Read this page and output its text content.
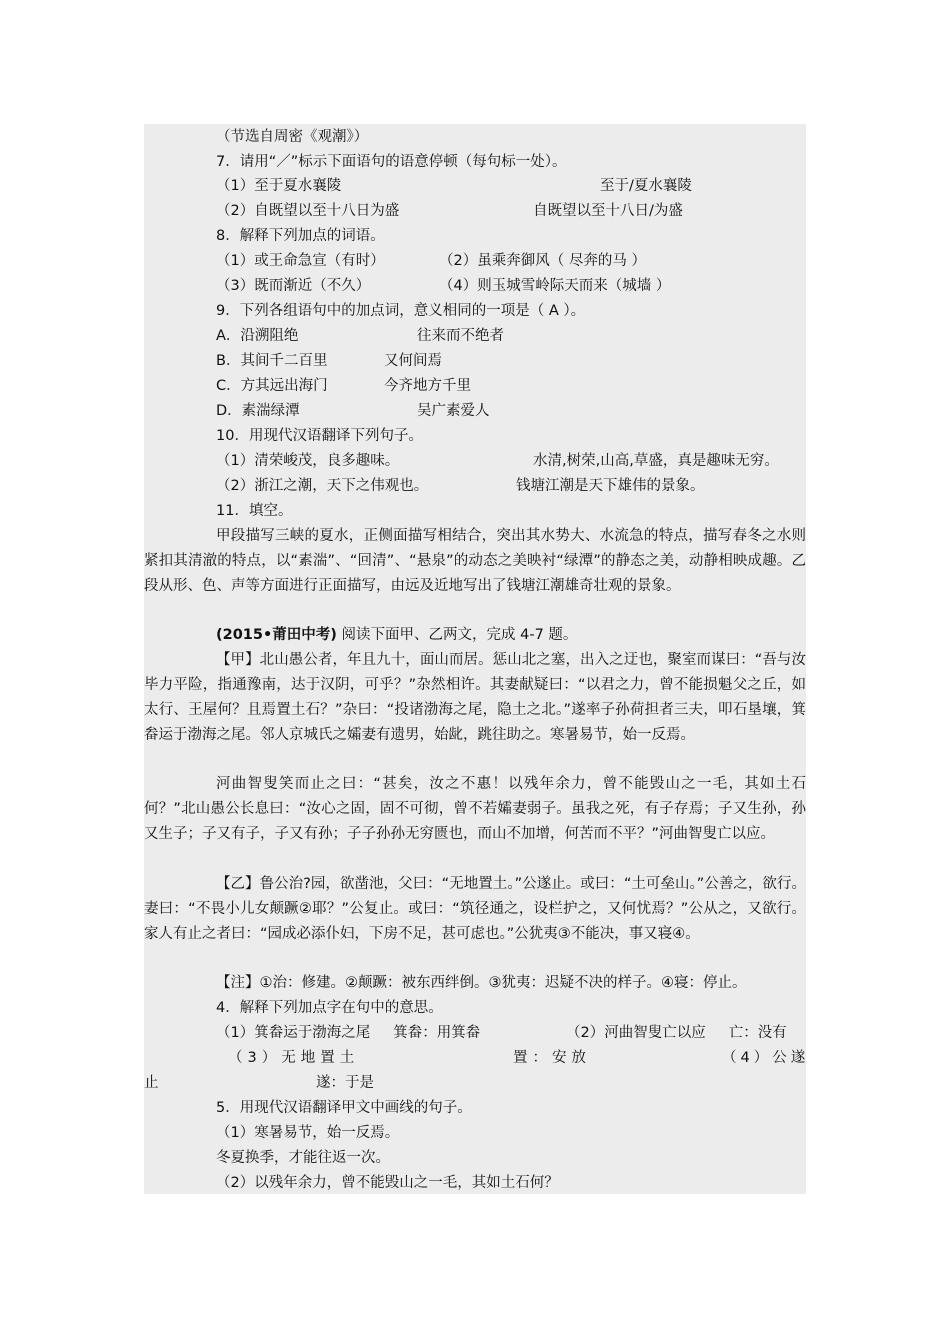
（节选自周密《观潮》）
7．请用“／”标示下面语句的语意停顿（每句标一处）。
（1）至于夏水襄陵	至于/夏水襄陵
（2）自既望以至十八日为盛	自既望以至十八日/为盛
8．解释下列加点的词语。
（1）或王命急宣（有时）	（2）虽乘奔御风（ 尽奔的马 ）
（3）既而渐近（不久）	（4）则玉城雪岭际天而来（城墙 ）
9．下列各组语句中的加点词，意义相同的一项是（ A ）。
A．沿溯阻绝	往来而不绝者
B．其间千二百里	又何间焉
C．方其远出海门	今齐地方千里
D．素湍绿潭	吴广素爱人
10．用现代汉语翻译下列句子。
（1）清荣峻茂，良多趣味。	水清,树荣,山高,草盛，真是趣味无穷。
（2）浙江之潮，天下之伟观也。	钱塘江潮是天下雄伟的景象。
11．填空。
甲段描写三峡的夏水，正侧面描写相结合，突出其水势大、水流急的特点，描写春冬之水则紧扣其清澈的特点，以“素湍”、“回清”、“悬泉”的动态之美映衬“绿潭”的静态之美，动静相映成趣。乙段从形、色、声等方面进行正面描写，由远及近地写出了钱塘江潮雄奇壮观的景象。
(2015•莆田中考) 阅读下面甲、乙两文，完成 4-7 题。
【甲】北山愚公者，年且九十，面山而居。惩山北之塞，出入之迂也，聚室而谋曰：“吾与汝毕力平险，指通豫南，达于汉阴，可乎？”杂然相许。其妻献疑曰：“以君之力，曾不能损魁父之丘，如太行、王屋何？且焉置土石？”杂曰：“投诸渤海之尾，隐土之北。”遂率子孙荷担者三夫，叩石垦壤，箕畚运于渤海之尾。邻人京城氏之孀妻有遗男，始龀，跳往助之。寒暑易节，始一反焉。
河曲智叟笑而止之曰：“甚矣，汝之不惠！以残年余力，曾不能毁山之一毛，其如土石何？”北山愚公长息曰：“汝心之固，固不可彻，曾不若孀妻弱子。虽我之死，有子存焉；子又生孙，孙又生子；子又有子，子又有孙；子子孙孙无穷匮也，而山不加增，何苦而不平？”河曲智叟亡以应。
【乙】鲁公治?园，欲凿池，父曰：“无地置土。”公遂止。或曰：“土可垒山。”公善之，欲行。妻曰：“不畏小儿女颠蹶②耶？”公复止。或曰：“筑径通之，设栏护之，又何忧焉？”公从之，又欲行。家人有止之者曰：“园成必添仆妇，下房不足，甚可虑也。”公犹夷③不能决，事又寝④。
【注】①治：修建。②颠蹶：被东西绊倒。③犹夷：迟疑不决的样子。④寝：停止。
4．解释下列加点字在句中的意思。
（1）箕畚运于渤海之尾     箕畚：用箕畚	（2）河曲智叟亡以应     亡：没有
（3）无地置土	置：安放	（4）公遂
止	遂：于是
5．用现代汉语翻译甲文中画线的句子。
（1）寒暑易节，始一反焉。
冬夏换季，才能往返一次。
（2）以残年余力，曾不能毁山之一毛，其如土石何？
